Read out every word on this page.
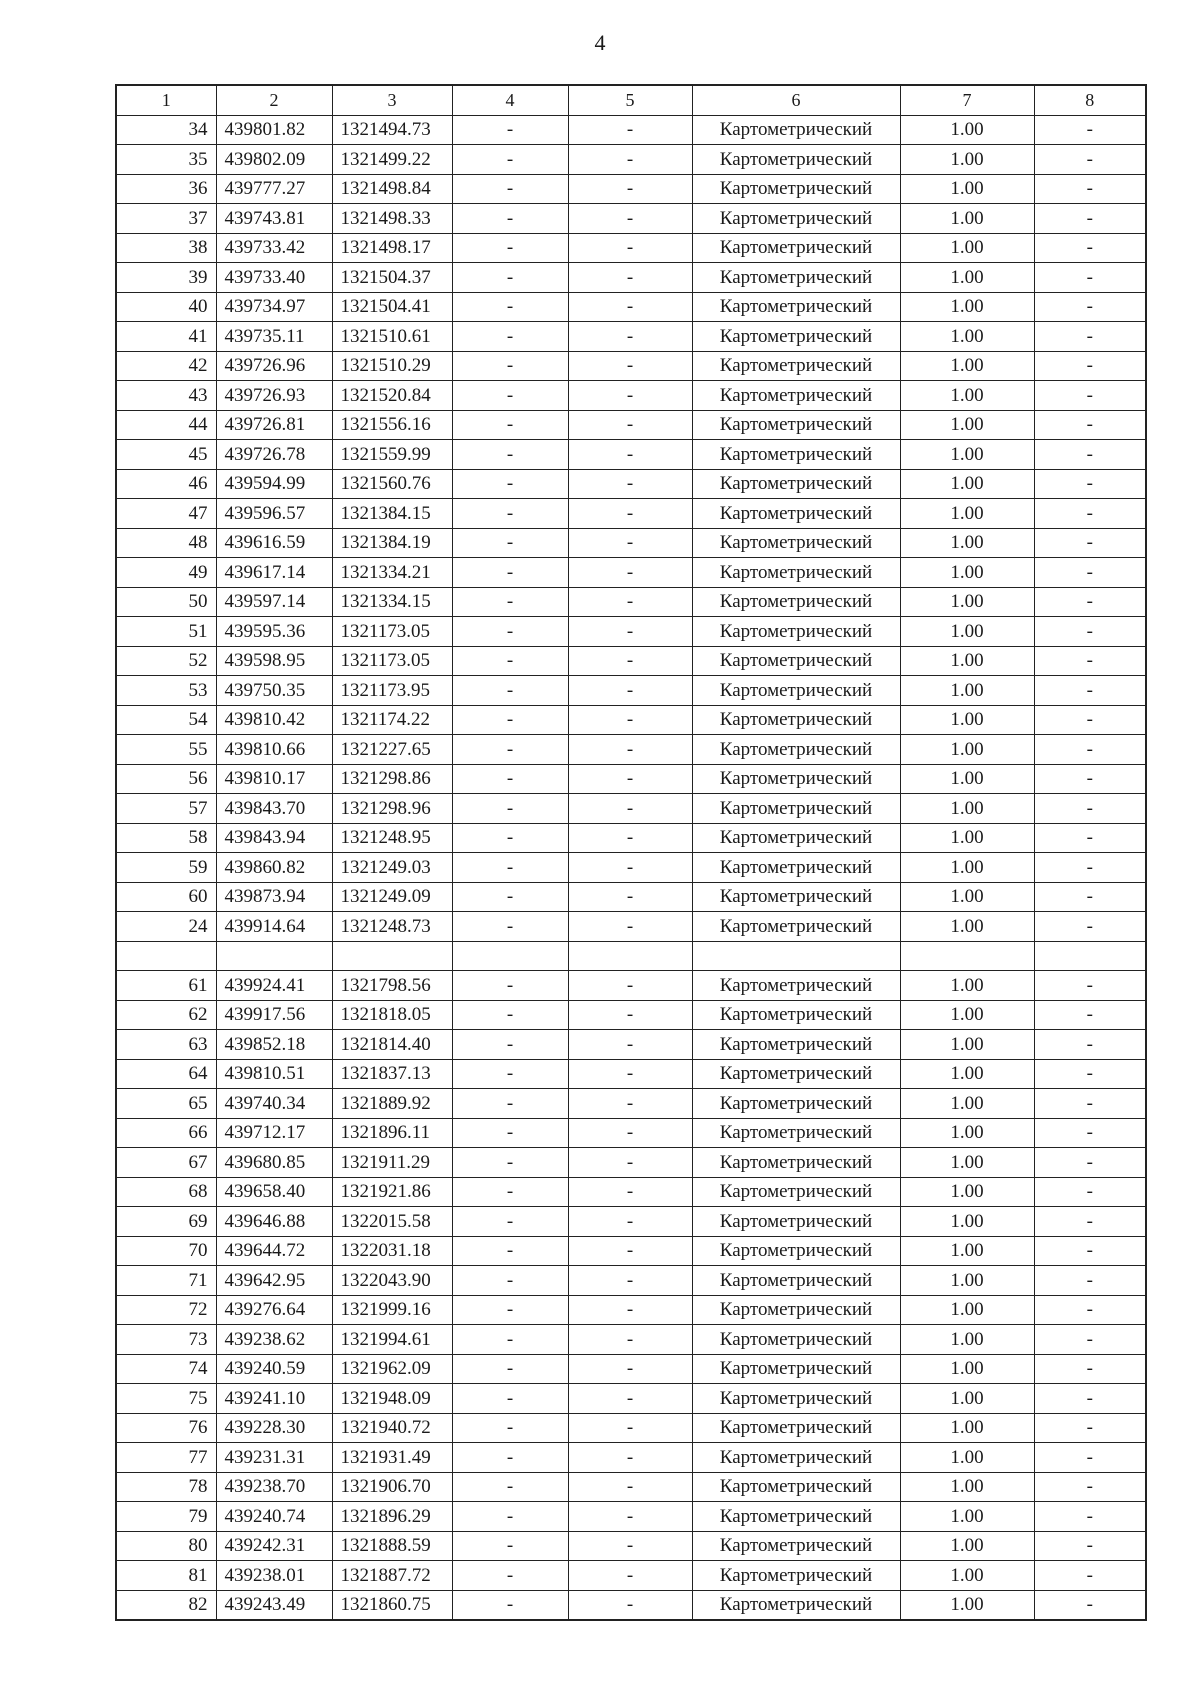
4
1	2	3	4	5	6	7	8
34	439801.82	1321494.73	-	-	Картометрический	1.00	-
35	439802.09	1321499.22	-	-	Картометрический	1.00	-
36	439777.27	1321498.84	-	-	Картометрический	1.00	-
37	439743.81	1321498.33	-	-	Картометрический	1.00	-
38	439733.42	1321498.17	-	-	Картометрический	1.00	-
39	439733.40	1321504.37	-	-	Картометрический	1.00	-
40	439734.97	1321504.41	-	-	Картометрический	1.00	-
41	439735.11	1321510.61	-	-	Картометрический	1.00	-
42	439726.96	1321510.29	-	-	Картометрический	1.00	-
43	439726.93	1321520.84	-	-	Картометрический	1.00	-
44	439726.81	1321556.16	-	-	Картометрический	1.00	-
45	439726.78	1321559.99	-	-	Картометрический	1.00	-
46	439594.99	1321560.76	-	-	Картометрический	1.00	-
47	439596.57	1321384.15	-	-	Картометрический	1.00	-
48	439616.59	1321384.19	-	-	Картометрический	1.00	-
49	439617.14	1321334.21	-	-	Картометрический	1.00	-
50	439597.14	1321334.15	-	-	Картометрический	1.00	-
51	439595.36	1321173.05	-	-	Картометрический	1.00	-
52	439598.95	1321173.05	-	-	Картометрический	1.00	-
53	439750.35	1321173.95	-	-	Картометрический	1.00	-
54	439810.42	1321174.22	-	-	Картометрический	1.00	-
55	439810.66	1321227.65	-	-	Картометрический	1.00	-
56	439810.17	1321298.86	-	-	Картометрический	1.00	-
57	439843.70	1321298.96	-	-	Картометрический	1.00	-
58	439843.94	1321248.95	-	-	Картометрический	1.00	-
59	439860.82	1321249.03	-	-	Картометрический	1.00	-
60	439873.94	1321249.09	-	-	Картометрический	1.00	-
24	439914.64	1321248.73	-	-	Картометрический	1.00	-

61	439924.41	1321798.56	-	-	Картометрический	1.00	-
62	439917.56	1321818.05	-	-	Картометрический	1.00	-
63	439852.18	1321814.40	-	-	Картометрический	1.00	-
64	439810.51	1321837.13	-	-	Картометрический	1.00	-
65	439740.34	1321889.92	-	-	Картометрический	1.00	-
66	439712.17	1321896.11	-	-	Картометрический	1.00	-
67	439680.85	1321911.29	-	-	Картометрический	1.00	-
68	439658.40	1321921.86	-	-	Картометрический	1.00	-
69	439646.88	1322015.58	-	-	Картометрический	1.00	-
70	439644.72	1322031.18	-	-	Картометрический	1.00	-
71	439642.95	1322043.90	-	-	Картометрический	1.00	-
72	439276.64	1321999.16	-	-	Картометрический	1.00	-
73	439238.62	1321994.61	-	-	Картометрический	1.00	-
74	439240.59	1321962.09	-	-	Картометрический	1.00	-
75	439241.10	1321948.09	-	-	Картометрический	1.00	-
76	439228.30	1321940.72	-	-	Картометрический	1.00	-
77	439231.31	1321931.49	-	-	Картометрический	1.00	-
78	439238.70	1321906.70	-	-	Картометрический	1.00	-
79	439240.74	1321896.29	-	-	Картометрический	1.00	-
80	439242.31	1321888.59	-	-	Картометрический	1.00	-
81	439238.01	1321887.72	-	-	Картометрический	1.00	-
82	439243.49	1321860.75	-	-	Картометрический	1.00	-
